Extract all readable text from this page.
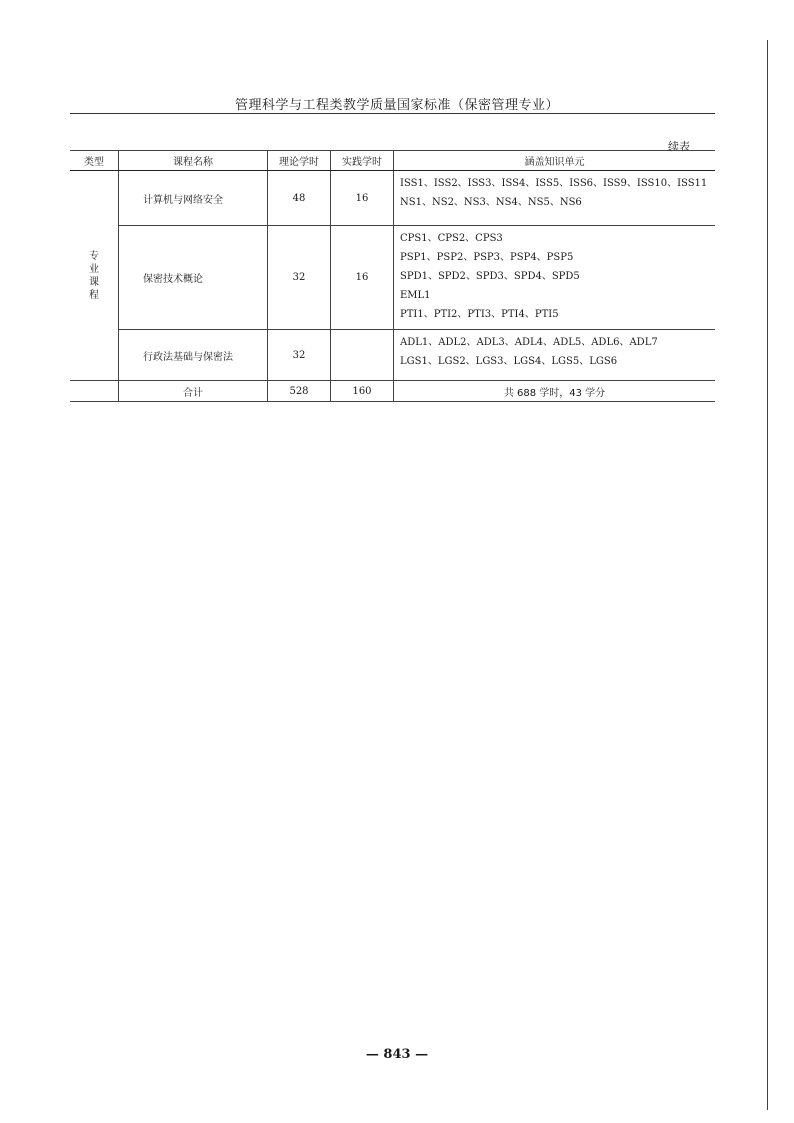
管理科学与工程类教学质量国家标准（保密管理专业）
续表
类型	课程名称	理论学时	实践学时	涵盖知识单元

专业课程	计算机与网络安全	48	16	ISS1、ISS2、ISS3、ISS4、ISS5、ISS6、ISS9、ISS10、ISS11
NS1、NS2、NS3、NS4、NS5、NS6

	保密技术概论	32	16	CPS1、CPS2、CPS3
PSP1、PSP2、PSP3、PSP4、PSP5
SPD1、SPD2、SPD3、SPD4、SPD5
EML1
PTI1、PTI2、PTI3、PTI4、PTI5

	行政法基础与保密法	32		ADL1、ADL2、ADL3、ADL4、ADL5、ADL6、ADL7
LGS1、LGS2、LGS3、LGS4、LGS5、LGS6

	合计	528	160	共 688 学时，43 学分
— 843 —
